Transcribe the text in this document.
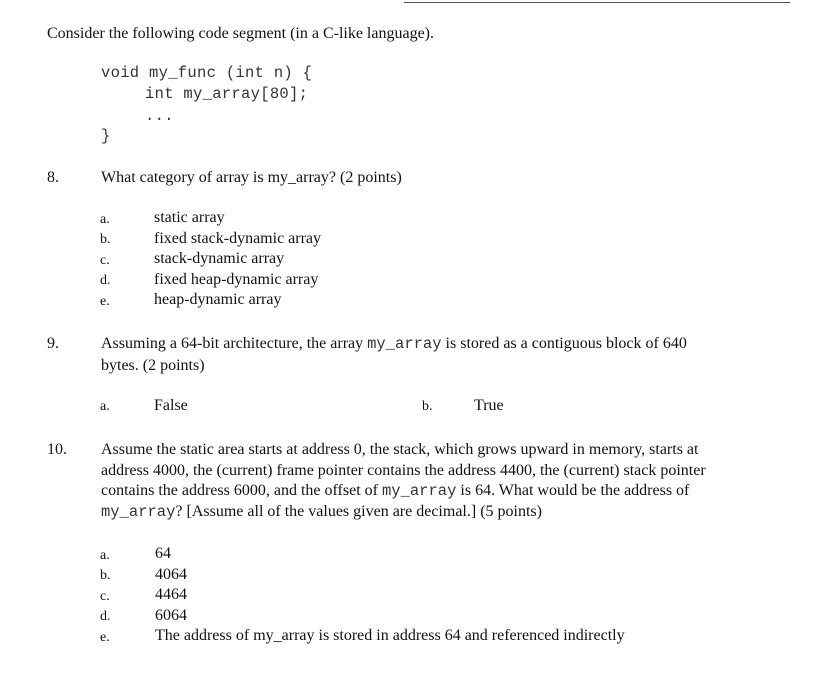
Consider the following code segment (in a C-like language).
void my_func (int n) {
int my_array[80];
...
}
8.	What category of array is my_array? (2 points)
a.	static array
b.	fixed stack-dynamic array
c.	stack-dynamic array
d.	fixed heap-dynamic array
e.	heap-dynamic array
9.	Assuming a 64-bit architecture, the array my_array is stored as a contiguous block of 640
bytes. (2 points)
a.	False	b.	True
10. Assume the static area starts at address 0, the stack, which grows upward in memory, starts at
address 4000, the (current) frame pointer contains the address 4400, the (current) stack pointer
contains the address 6000, and the offset of my_array is 64. What would be the address of
my_array? [Assume all of the values given are decimal.] (5 points)
a.	64
b.	4064
c.	4464
d.	6064
e.	The address of my_array is stored in address 64 and referenced indirectly
